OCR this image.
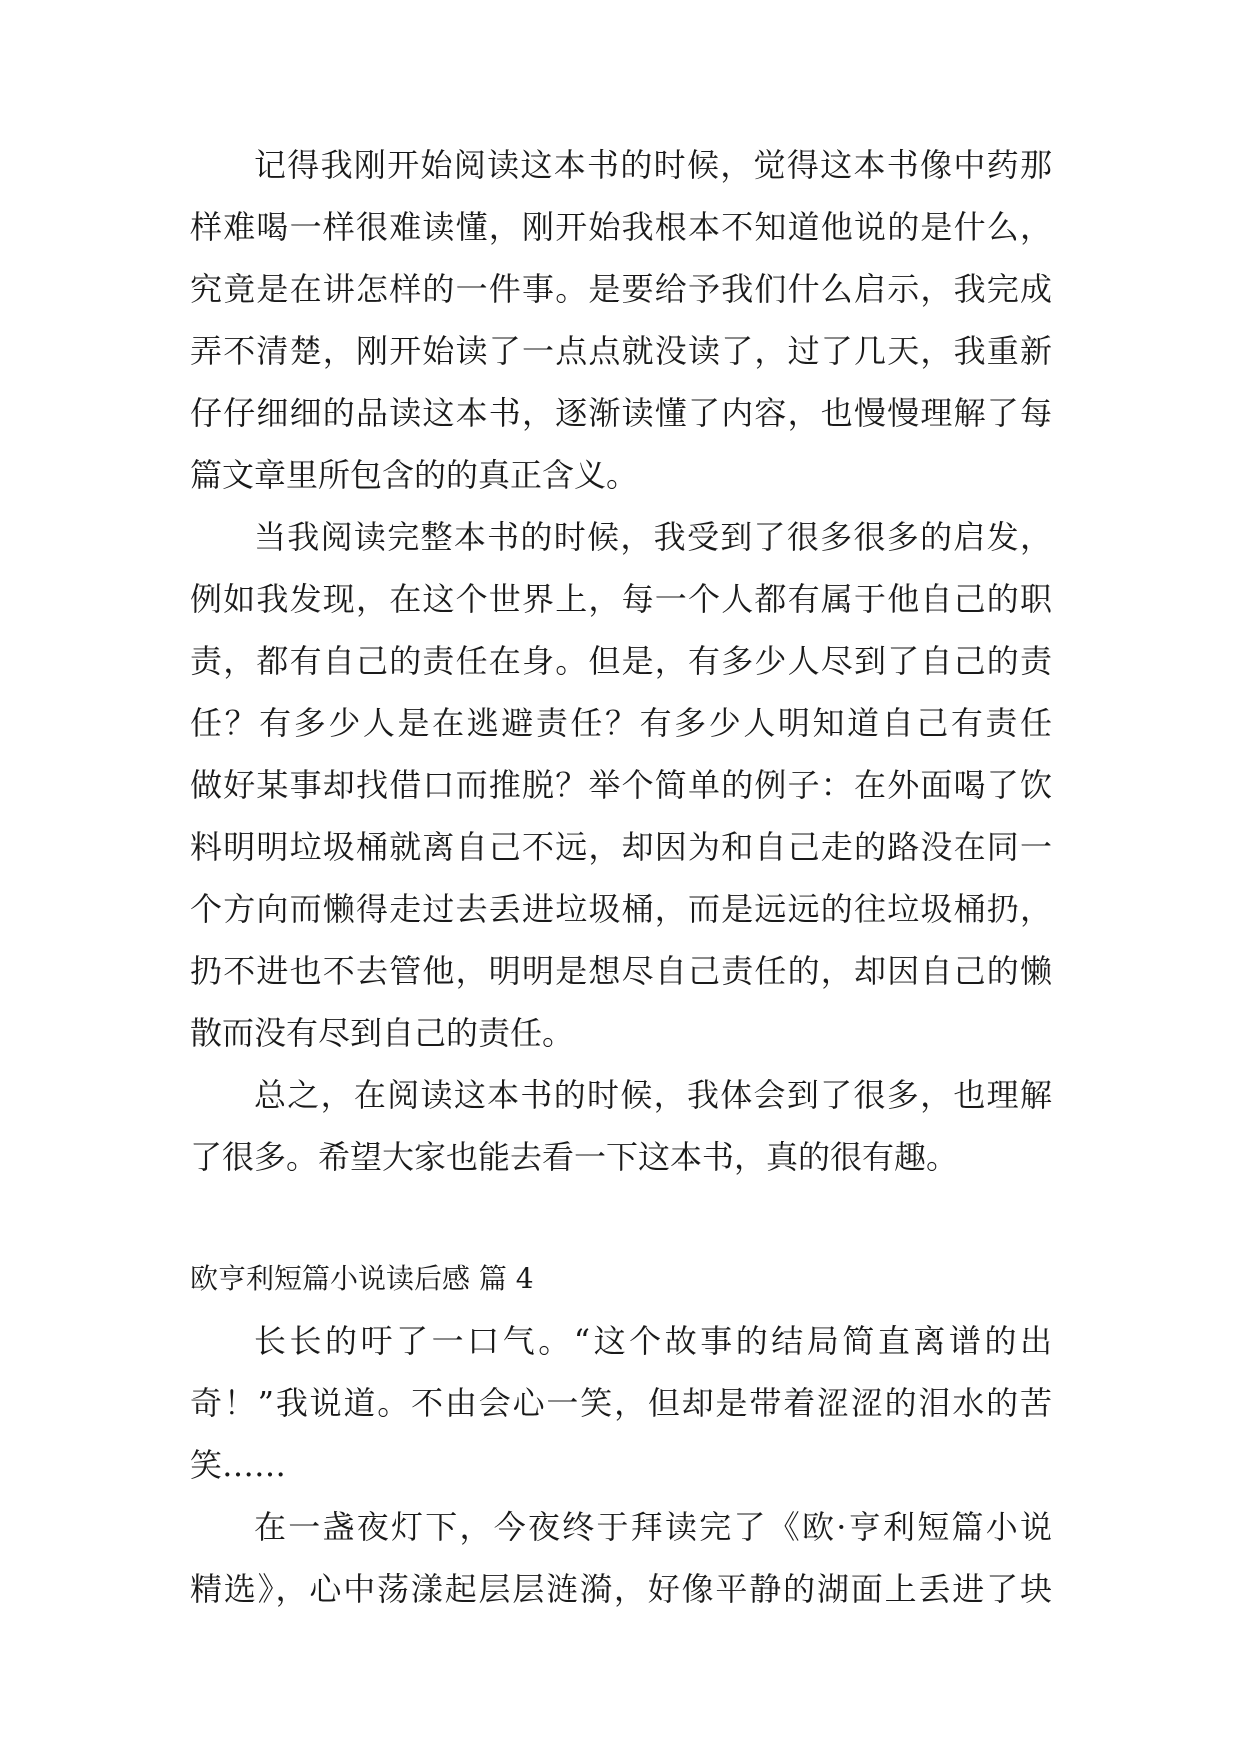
记得我刚开始阅读这本书的时候，觉得这本书像中药那
样难喝一样很难读懂，刚开始我根本不知道他说的是什么，
究竟是在讲怎样的一件事。是要给予我们什么启示，我完成
弄不清楚，刚开始读了一点点就没读了，过了几天，我重新
仔仔细细的品读这本书，逐渐读懂了内容，也慢慢理解了每
篇文章里所包含的的真正含义。
当我阅读完整本书的时候，我受到了很多很多的启发，
例如我发现，在这个世界上，每一个人都有属于他自己的职
责，都有自己的责任在身。但是，有多少人尽到了自己的责
任？有多少人是在逃避责任？有多少人明知道自己有责任
做好某事却找借口而推脱？举个简单的例子：在外面喝了饮
料明明垃圾桶就离自己不远，却因为和自己走的路没在同一
个方向而懒得走过去丢进垃圾桶，而是远远的往垃圾桶扔，
扔不进也不去管他，明明是想尽自己责任的，却因自己的懒
散而没有尽到自己的责任。
总之，在阅读这本书的时候，我体会到了很多，也理解
了很多。希望大家也能去看一下这本书，真的很有趣。
欧亨利短篇小说读后感 篇 4
长长的吁了一口气。“这个故事的结局简直离谱的出
奇！”我说道。不由会心一笑，但却是带着涩涩的泪水的苦
笑……
在一盏夜灯下，今夜终于拜读完了《欧·亨利短篇小说
精选》，心中荡漾起层层涟漪，好像平静的湖面上丢进了块
